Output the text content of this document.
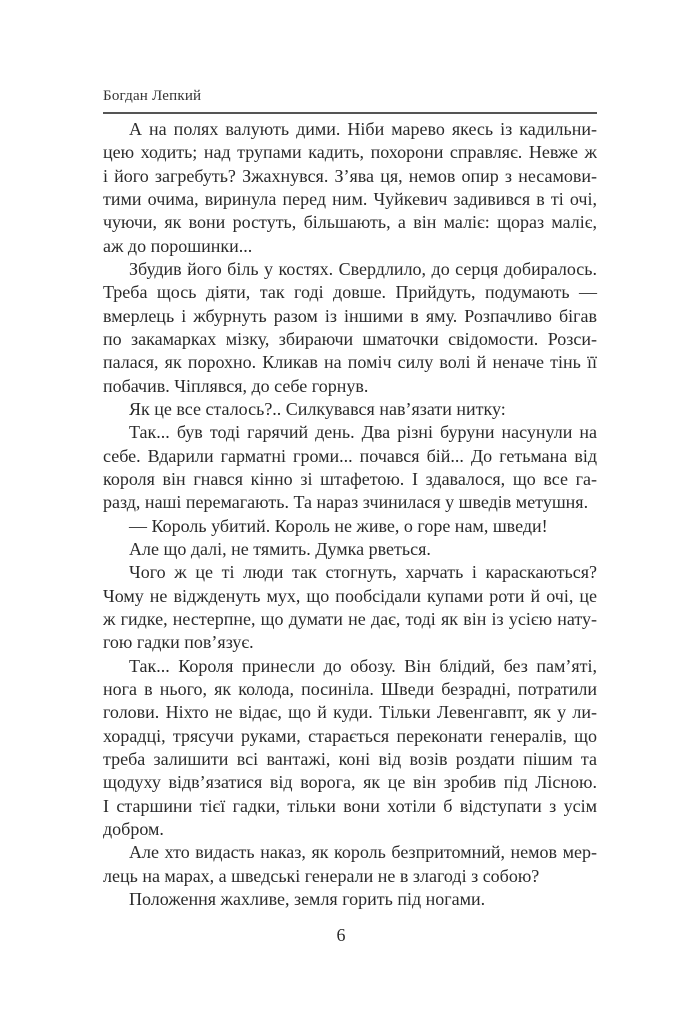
Богдан Лепкий
А на полях валують дими. Ніби марево якесь із кадильни-
цею ходить; над трупами кадить, похорони справляє. Невже ж
і його загребуть? Зжахнувся. З’ява ця, немов опир з несамови-
тими очима, виринула перед ним. Чуйкевич задивився в ті очі,
чуючи, як вони ростуть, більшають, а він маліє: щораз маліє,
аж до порошинки...
Збудив його біль у костях. Свердлило, до серця добиралось.
Треба щось діяти, так годі довше. Прийдуть, подумають —
вмерлець і жбурнуть разом із іншими в яму. Розпачливо бігав
по закамарках мізку, збираючи шматочки свідомости. Розси-
палася, як порохно. Кликав на поміч силу волі й неначе тінь її
побачив. Чіплявся, до себе горнув.
Як це все сталось?.. Силкувався нав’язати нитку:
Так... був тоді гарячий день. Два різні буруни насунули на
себе. Вдарили гарматні громи... почався бій... До гетьмана від
короля він гнався кінно зі штафетою. І здавалося, що все га-
разд, наші перемагають. Та нараз зчинилася у шведів метушня.
— Король убитий. Король не живе, о горе нам, шведи!
Але що далі, не тямить. Думка рветься.
Чого ж це ті люди так стогнуть, харчать і караскаються?
Чому не віджденуть мух, що пообсідали купами роти й очі, це
ж гидке, нестерпне, що думати не дає, тоді як він із усією нату-
гою гадки пов’язує.
Так... Короля принесли до обозу. Він блідий, без пам’яті,
нога в нього, як колода, посиніла. Шведи безрадні, потратили
голови. Ніхто не відає, що й куди. Тільки Левенгавпт, як у ли-
хорадці, трясучи руками, старається переконати генералів, що
треба залишити всі вантажі, коні від возів роздати пішим та
щодуху відв’язатися від ворога, як це він зробив під Лісною.
І старшини тієї гадки, тільки вони хотіли б відступати з усім
добром.
Але хто видасть наказ, як король безпритомний, немов мер-
лець на марах, а шведські генерали не в злагоді з собою?
Положення жахливе, земля горить під ногами.
6
